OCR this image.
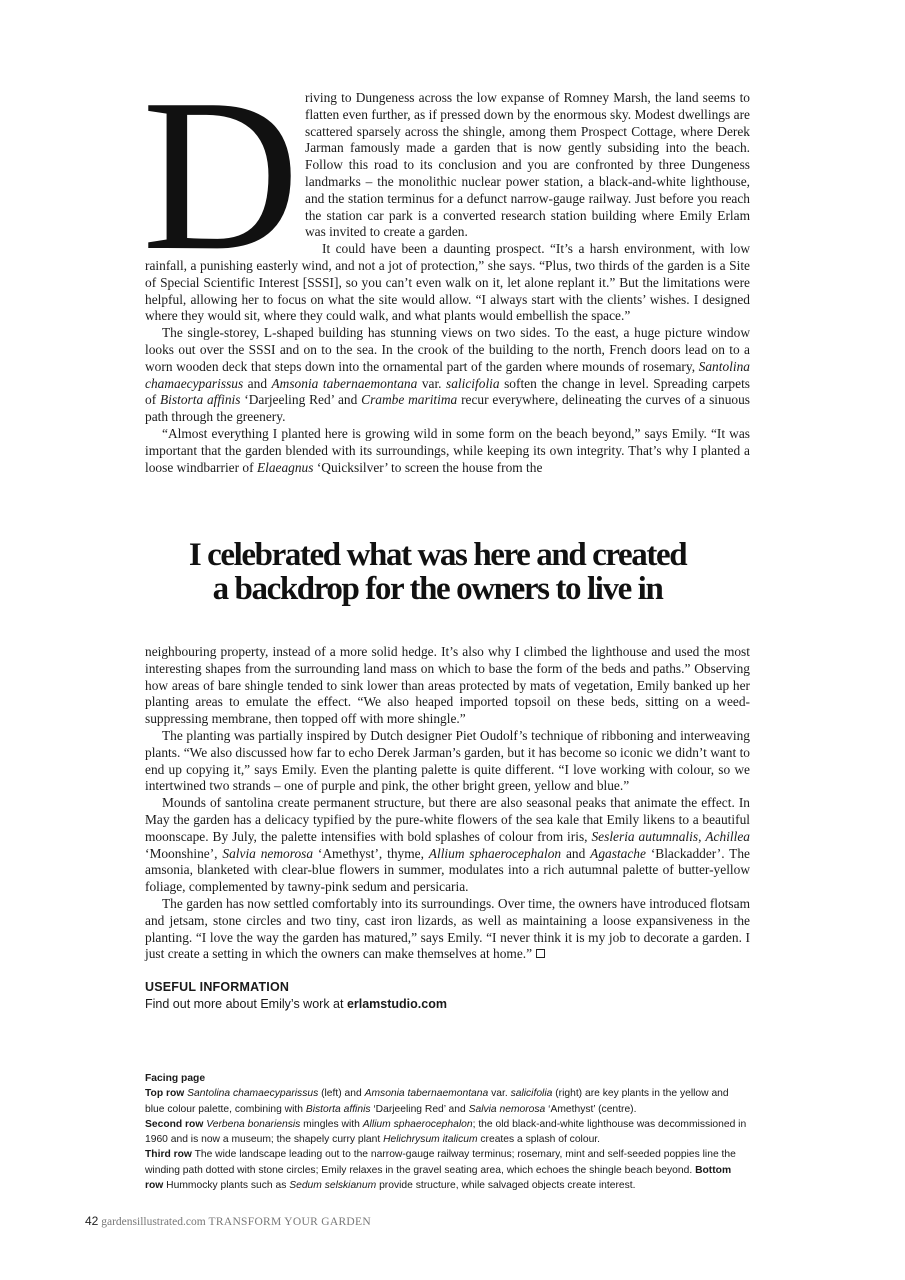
D riving to Dungeness across the low expanse of Romney Marsh, the land seems to flatten even further, as if pressed down by the enormous sky. Modest dwellings are scattered sparsely across the shingle, among them Prospect Cottage, where Derek Jarman famously made a garden that is now gently subsiding into the beach. Follow this road to its conclusion and you are confronted by three Dungeness landmarks – the monolithic nuclear power station, a black-and-white lighthouse, and the station terminus for a defunct narrow-gauge railway. Just before you reach the station car park is a converted research station building where Emily Erlam was invited to create a garden.

It could have been a daunting prospect. “It’s a harsh environment, with low rainfall, a punishing easterly wind, and not a jot of protection,” she says. “Plus, two thirds of the garden is a Site of Special Scientific Interest [SSSI], so you can’t even walk on it, let alone replant it.” But the limitations were helpful, allowing her to focus on what the site would allow. “I always start with the clients’ wishes. I designed where they would sit, where they could walk, and what plants would embellish the space.”

The single-storey, L-shaped building has stunning views on two sides. To the east, a huge picture window looks out over the SSSI and on to the sea. In the crook of the building to the north, French doors lead on to a worn wooden deck that steps down into the ornamental part of the garden where mounds of rosemary, Santolina chamaecyparissus and Amsonia tabernaemontana var. salicifolia soften the change in level. Spreading carpets of Bistorta affinis ‘Darjeeling Red’ and Crambe maritima recur everywhere, delineating the curves of a sinuous path through the greenery.

“Almost everything I planted here is growing wild in some form on the beach beyond,” says Emily. “It was important that the garden blended with its surroundings, while keeping its own integrity. That’s why I planted a loose windbarrier of Elaeagnus ‘Quicksilver’ to screen the house from the

I celebrated what was here and created
a backdrop for the owners to live in

neighbouring property, instead of a more solid hedge. It’s also why I climbed the lighthouse and used the most interesting shapes from the surrounding land mass on which to base the form of the beds and paths.” Observing how areas of bare shingle tended to sink lower than areas protected by mats of vegetation, Emily banked up her planting areas to emulate the effect. “We also heaped imported topsoil on these beds, sitting on a weed-suppressing membrane, then topped off with more shingle.”

The planting was partially inspired by Dutch designer Piet Oudolf’s technique of ribboning and interweaving plants. “We also discussed how far to echo Derek Jarman’s garden, but it has become so iconic we didn’t want to end up copying it,” says Emily. Even the planting palette is quite different. “I love working with colour, so we intertwined two strands – one of purple and pink, the other bright green, yellow and blue.”

Mounds of santolina create permanent structure, but there are also seasonal peaks that animate the effect. In May the garden has a delicacy typified by the pure-white flowers of the sea kale that Emily likens to a beautiful moonscape. By July, the palette intensifies with bold splashes of colour from iris, Sesleria autumnalis, Achillea ‘Moonshine’, Salvia nemorosa ‘Amethyst’, thyme, Allium sphaerocephalon and Agastache ‘Blackadder’. The amsonia, blanketed with clear-blue flowers in summer, modulates into a rich autumnal palette of butter-yellow foliage, complemented by tawny-pink sedum and persicaria.

The garden has now settled comfortably into its surroundings. Over time, the owners have introduced flotsam and jetsam, stone circles and two tiny, cast iron lizards, as well as maintaining a loose expansiveness in the planting. “I love the way the garden has matured,” says Emily. “I never think it is my job to decorate a garden. I just create a setting in which the owners can make themselves at home.”

USEFUL INFORMATION

Find out more about Emily’s work at erlamstudio.com

Facing page

Top row Santolina chamaecyparissus (left) and Amsonia tabernaemontana var. salicifolia (right) are key plants in the yellow and blue colour palette, combining with Bistorta affinis ‘Darjeeling Red’ and Salvia nemorosa ‘Amethyst’ (centre).
Second row Verbena bonariensis mingles with Allium sphaerocephalon; the old black-and-white lighthouse was decommissioned in 1960 and is now a museum; the shapely curry plant Helichrysum italicum creates a splash of colour.
Third row The wide landscape leading out to the narrow-gauge railway terminus; rosemary, mint and self-seeded poppies line the winding path dotted with stone circles; Emily relaxes in the gravel seating area, which echoes the shingle beach beyond. Bottom row Hummocky plants such as Sedum selskianum provide structure, while salvaged objects create interest.

42 gardensillustrated.com TRANSFORM YOUR GARDEN
